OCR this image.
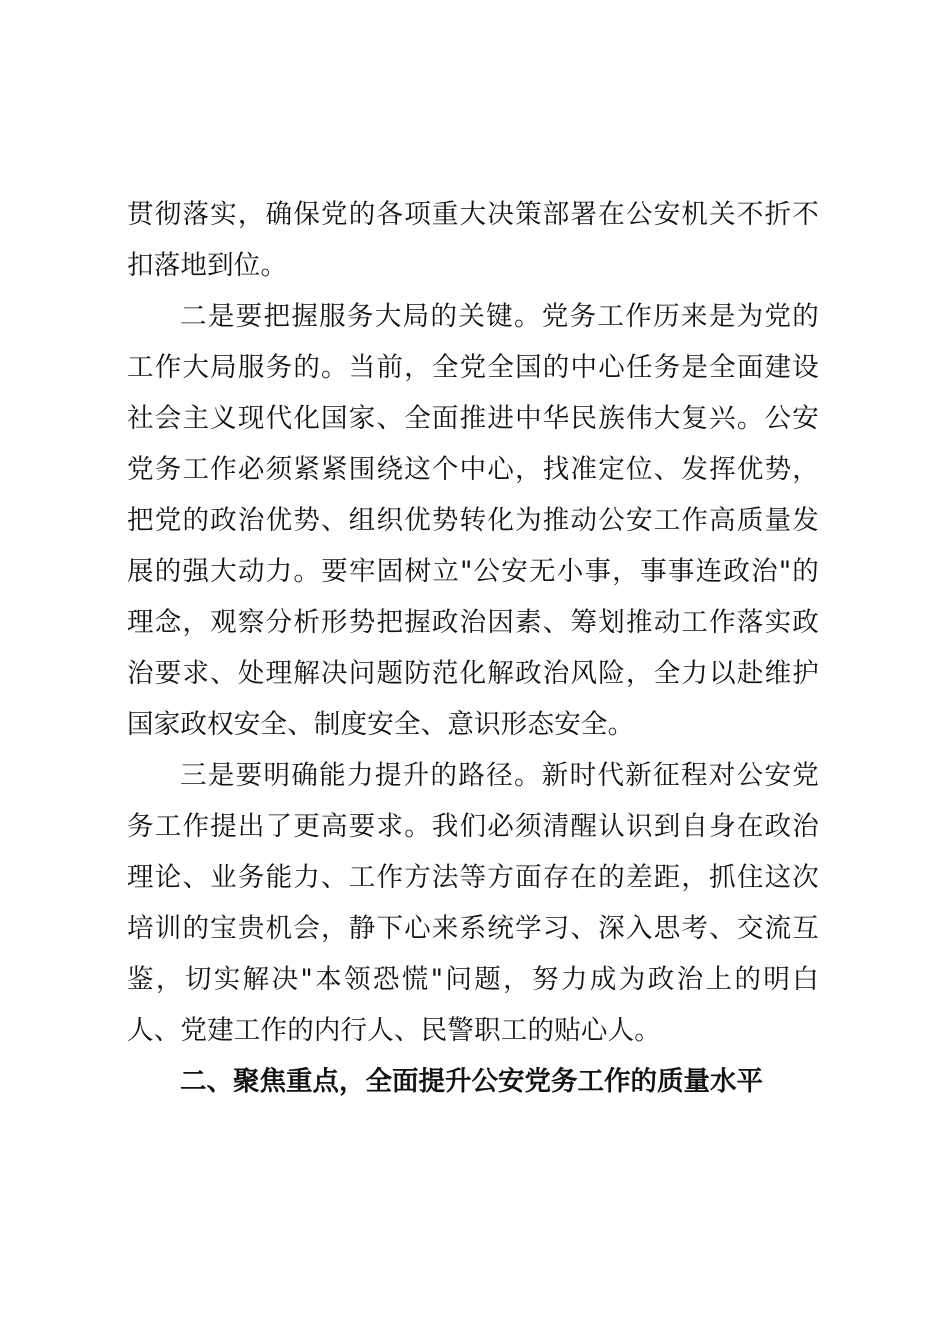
贯彻落实，确保党的各项重大决策部署在公安机关不折不扣落地到位。

二是要把握服务大局的关键。党务工作历来是为党的工作大局服务的。当前，全党全国的中心任务是全面建设社会主义现代化国家、全面推进中华民族伟大复兴。公安党务工作必须紧紧围绕这个中心，找准定位、发挥优势，把党的政治优势、组织优势转化为推动公安工作高质量发展的强大动力。要牢固树立"公安无小事，事事连政治"的理念，观察分析形势把握政治因素、筹划推动工作落实政治要求、处理解决问题防范化解政治风险，全力以赴维护国家政权安全、制度安全、意识形态安全。

三是要明确能力提升的路径。新时代新征程对公安党务工作提出了更高要求。我们必须清醒认识到自身在政治理论、业务能力、工作方法等方面存在的差距，抓住这次培训的宝贵机会，静下心来系统学习、深入思考、交流互鉴，切实解决"本领恐慌"问题，努力成为政治上的明白人、党建工作的内行人、民警职工的贴心人。

二、聚焦重点，全面提升公安党务工作的质量水平
